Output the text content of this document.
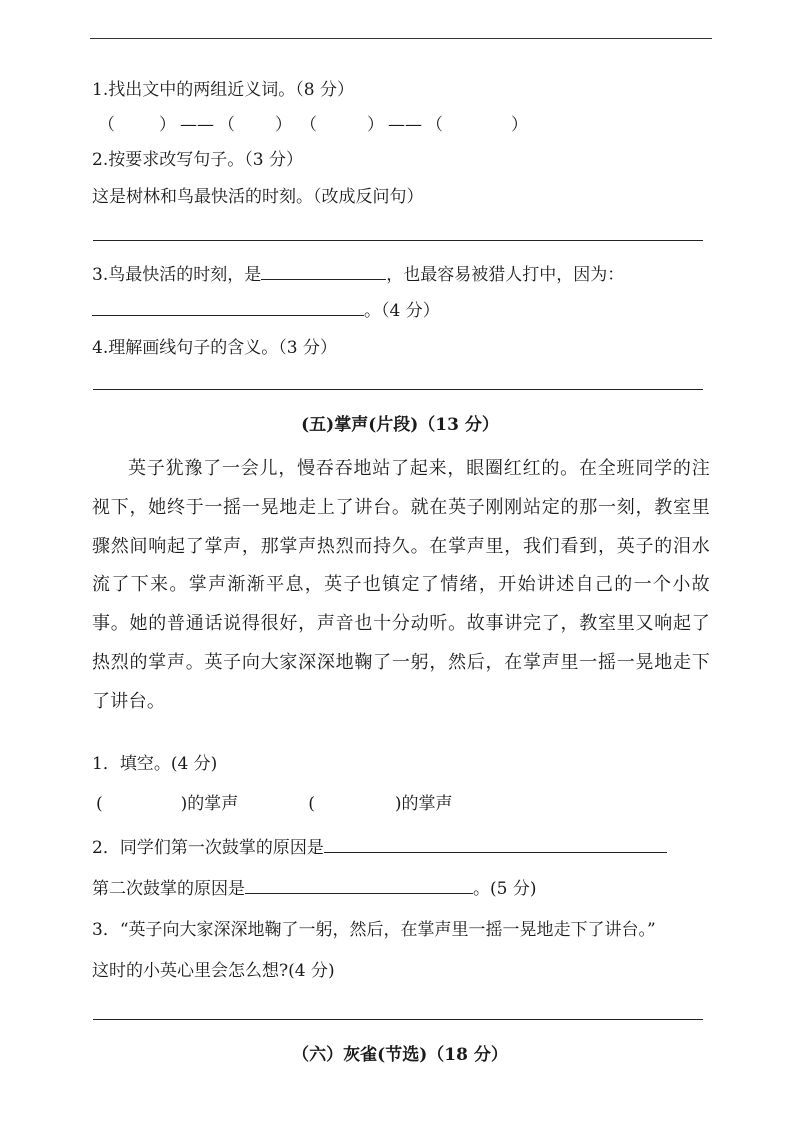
1.找出文中的两组近义词。（8 分）
（	） —— （ ） （	） —— （	）
2.按要求改写句子。（3 分）
这是树林和鸟最快活的时刻。（改成反问句）
3.鸟最快活的时刻，是	，也最容易被猎人打中，因为：
。（4 分）
4.理解画线句子的含义。（3 分）
(五)掌声(片段)（13 分）

英子犹豫了一会儿，慢吞吞地站了起来，眼圈红红的。在全班同学的注视下，她终于一摇一晃地走上了讲台。就在英子刚刚站定的那一刻，教室里骤然间响起了掌声，那掌声热烈而持久。在掌声里，我们看到，英子的泪水流了下来。掌声渐渐平息，英子也镇定了情绪，开始讲述自己的一个小故事。她的普通话说得很好，声音也十分动听。故事讲完了，教室里又响起了热烈的掌声。英子向大家深深地鞠了一躬，然后，在掌声里一摇一晃地走下了讲台。

1．填空。(4 分)
(	)的掌声	(	)的掌声
2．同学们第一次鼓掌的原因是
第二次鼓掌的原因是	。(5 分)
3．“英子向大家深深地鞠了一躬，然后，在掌声里一摇一晃地走下了讲台。”
这时的小英心里会怎么想?(4 分)
（六）灰雀(节选)（18 分）
